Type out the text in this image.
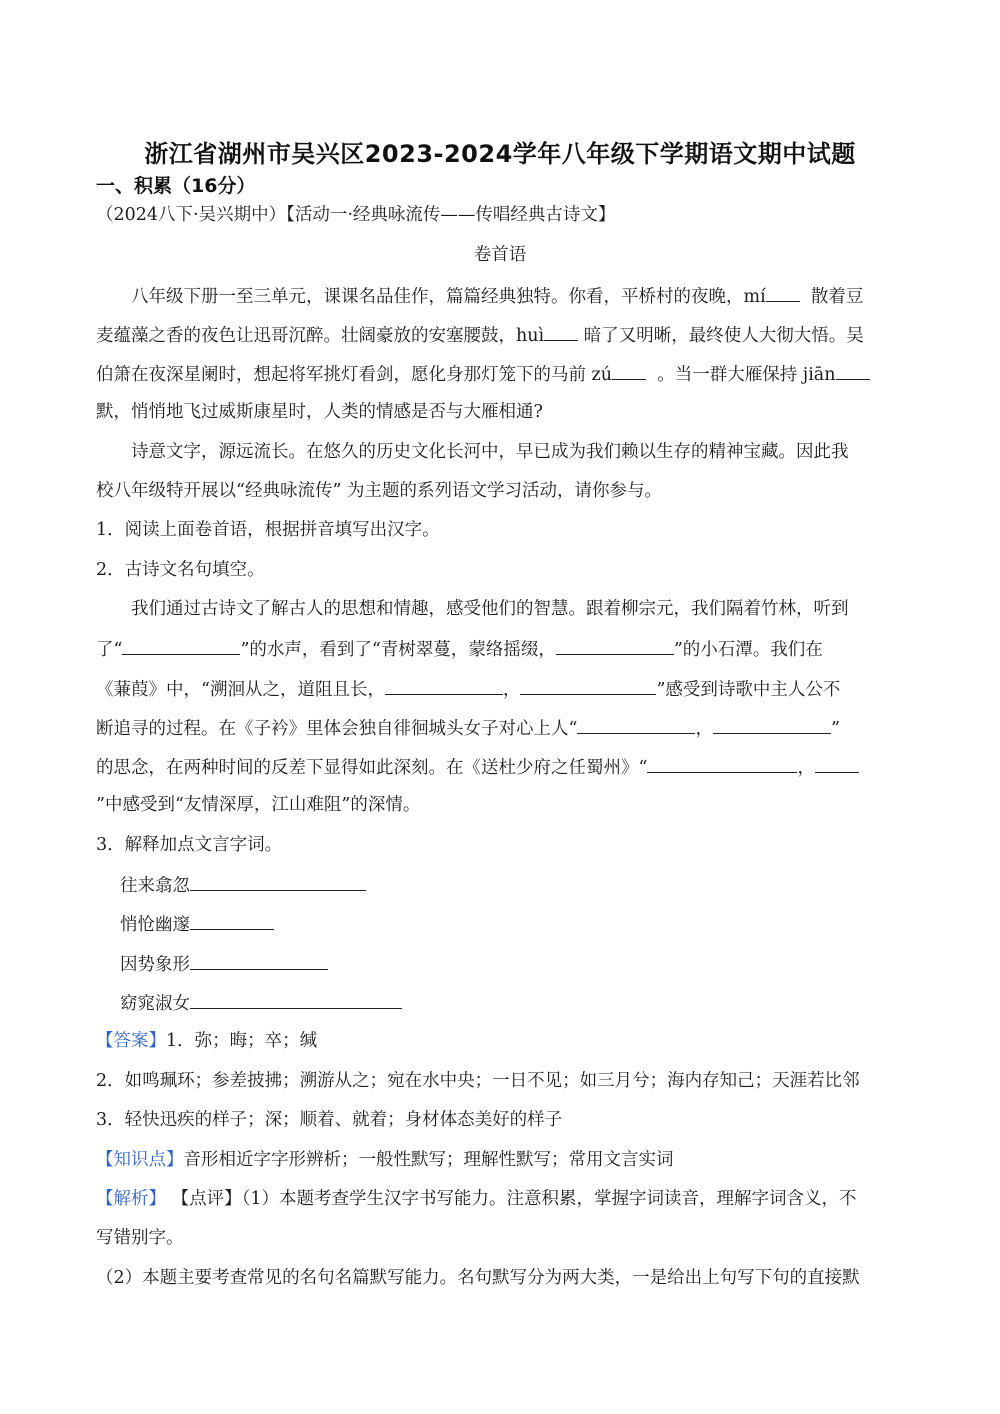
浙江省湖州市吴兴区2023-2024学年八年级下学期语文期中试题
一、积累（16分）
（2024八下·吴兴期中）【活动一·经典咏流传——传唱经典古诗文】
卷首语
八年级下册一至三单元，课课名品佳作，篇篇经典独特。你看，平桥村的夜晚，mí	散着豆
麦蕴藻之香的夜色让迅哥沉醉。壮阔豪放的安塞腰鼓，huì 暗了又明晰，最终使人大彻大悟。吴
伯箫在夜深星阑时，想起将军挑灯看剑，愿化身那灯笼下的马前 zú	。当一群大雁保持 jiān
默，悄悄地飞过威斯康星时，人类的情感是否与大雁相通?
诗意文字，源远流长。在悠久的历史文化长河中，早已成为我们赖以生存的精神宝藏。因此我
校八年级特开展以“经典咏流传” 为主题的系列语文学习活动，请你参与。
1．阅读上面卷首语，根据拼音填写出汉字。
2．古诗文名句填空。
我们通过古诗文了解古人的思想和情趣，感受他们的智慧。跟着柳宗元，我们隔着竹林，听到
了“	”的水声，看到了“青树翠蔓，蒙络摇缀，	”的小石潭。我们在
《蒹葭》中，“溯洄从之，道阻且长，	，	”感受到诗歌中主人公不
断追寻的过程。在《子衿》里体会独自徘徊城头女子对心上人“	，	”
的思念，在两种时间的反差下显得如此深刻。在《送杜少府之任蜀州》“	，
”中感受到“友情深厚，江山难阻”的深情。
3．解释加点文言字词。
往来翕忽
悄怆幽邃
因势象形
窈窕淑女
【答案】1．弥；晦；卒；缄
2．如鸣珮环；参差披拂；溯游从之；宛在水中央；一日不见；如三月兮；海内存知己；天涯若比邻
3．轻快迅疾的样子；深；顺着、就着；身材体态美好的样子
【知识点】音形相近字字形辨析；一般性默写；理解性默写；常用文言实词
【解析】 【点评】（1）本题考查学生汉字书写能力。注意积累，掌握字词读音，理解字词含义，不
写错别字。
（2）本题主要考查常见的名句名篇默写能力。名句默写分为两大类，一是给出上句写下句的直接默
